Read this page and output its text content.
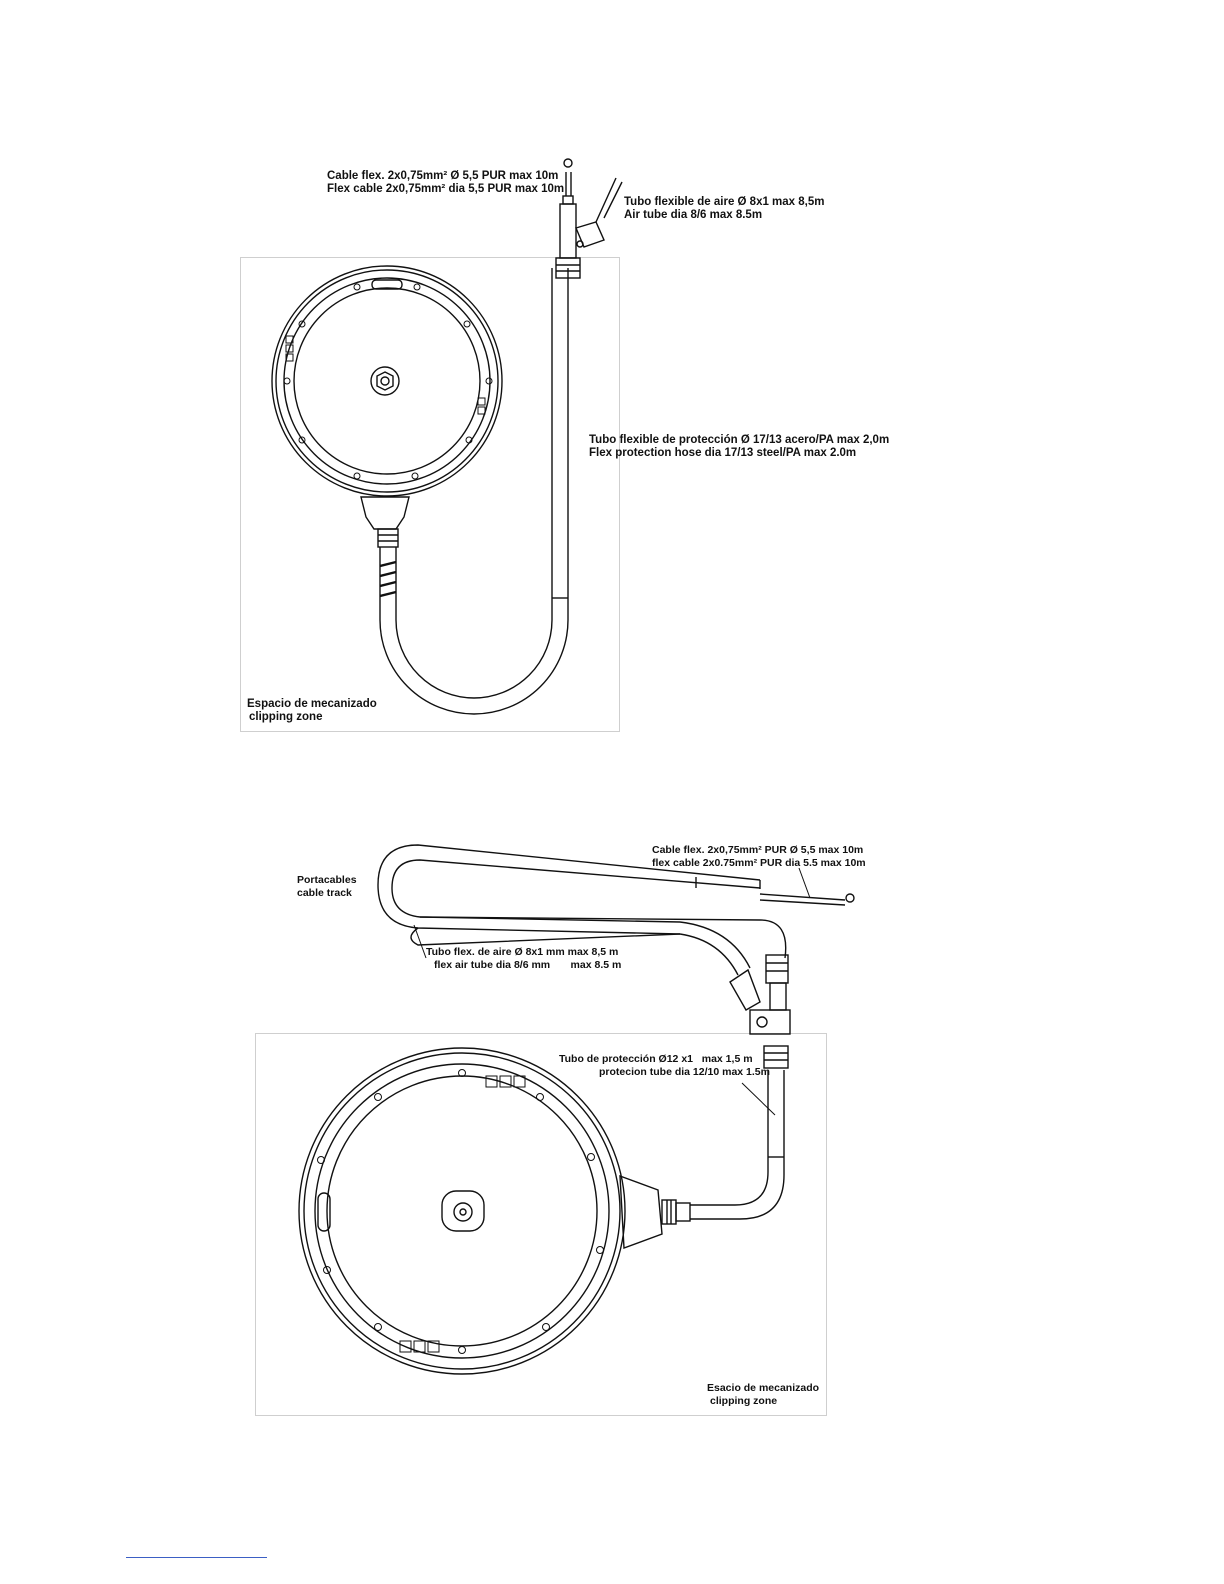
Cable flex. 2x0,75mm² Ø 5,5 PUR max 10m
Flex cable 2x0,75mm² dia 5,5 PUR max 10m
Tubo flexible de aire Ø 8x1 max 8,5m
Air tube dia 8/6 max 8.5m
Tubo flexible de protección Ø 17/13 acero/PA max 2,0m
Flex protection hose dia 17/13 steel/PA max 2.0m
Espacio de mecanizado
clipping zone
Cable flex. 2x0,75mm² PUR Ø 5,5 max 10m
flex cable 2x0.75mm² PUR dia 5.5 max 10m
Portacables
cable track
Tubo flex. de aire Ø 8x1 mm max 8,5 m
flex air tube dia 8/6 mm       max 8.5 m
Tubo de protección Ø12 x1   max 1,5 m
protecion tube dia 12/10 max 1.5m
Esacio de mecanizado
clipping zone
